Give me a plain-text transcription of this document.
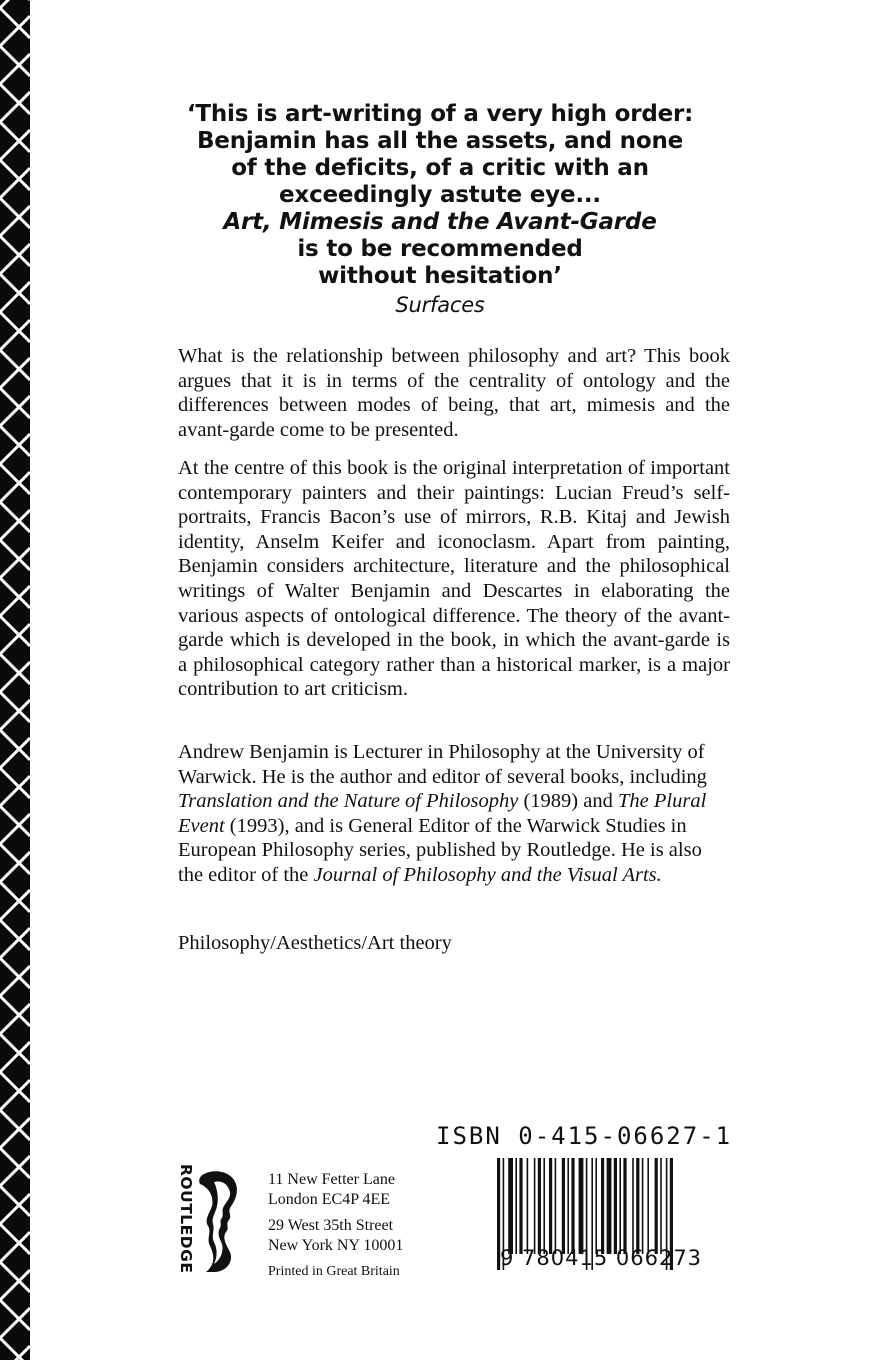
‘This is art-writing of a very high order:
Benjamin has all the assets, and none
of the deficits, of a critic with an
exceedingly astute eye...
Art, Mimesis and the Avant-Garde
is to be recommended
without hesitation’
Surfaces
What is the relationship between philosophy and art? This book argues that it is in terms of the centrality of ontology and the differences between modes of being, that art, mimesis and the avant-garde come to be presented.
At the centre of this book is the original interpretation of important contemporary painters and their paintings: Lucian Freud’s self-portraits, Francis Bacon’s use of mirrors, R.B. Kitaj and Jewish identity, Anselm Keifer and iconoclasm. Apart from painting, Benjamin considers architecture, literature and the philosophical writings of Walter Benjamin and Descartes in elaborating the various aspects of ontological difference. The theory of the avant-garde which is developed in the book, in which the avant-garde is a philosophical category rather than a historical marker, is a major contribution to art criticism.
Andrew Benjamin is Lecturer in Philosophy at the University of Warwick. He is the author and editor of several books, including Translation and the Nature of Philosophy (1989) and The Plural Event (1993), and is General Editor of the Warwick Studies in European Philosophy series, published by Routledge. He is also the editor of the Journal of Philosophy and the Visual Arts.
Philosophy/Aesthetics/Art theory
ISBN 0-415-06627-1
9 780415 066273
ROUTLEDGE	11 New Fetter Lane
London EC4P 4EE
29 West 35th Street
New York NY 10001
Printed in Great Britain
